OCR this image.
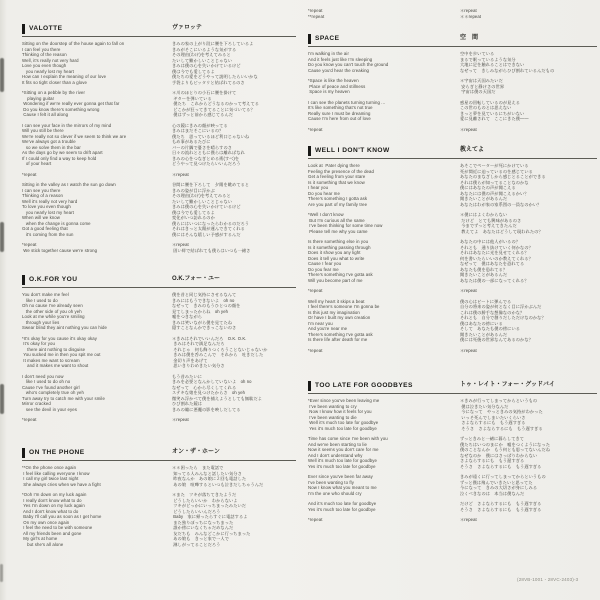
VALOTTE	ヴァロッテ
Sitting on the doorstep of the house again to fall on
I can feel you there
Thinking of the reason
Well, it's really not very hard
Love you even though
you nearly lost my heart
How can I explain the meaning of our love
It fits so tight closer than a glove
*Sitting on a pebble by the river
playing guitar
Wondering if we're really ever gonna get that far
Do you know there's something wrong
Cause I felt it all along
I can see your face in the mirrors of my mind
Will you still be there
We're really not so clever if we seem to think we are
We've always got a trouble
so we solve them in the bar
As the days go by we seem to drift apart
If I could only find a way to keep hold
of your heart
*repeat
Sitting in the valley as I watch the sun go down
I can see you there
Thinking of a reason
Well it's really not very hard
To love you even though
you nearly lost my heart
When will we know
when the change is gonna come
Got a good feeling that
it's coming from the sun
*repeat
We stick together cause we're strong
きみの家の上がり段に腰を下ろしているよ
きみがそこにいるような気がする
その理由(わけ)を考えてみると
たいして難かしいことじゃない
きみは僕の心を失いかけているけど
僕は今でも愛してるよ
僕たちの愛をどうやって説明したらいいかな
手袋よりもピッタリと結ばれてるのさ
＊川のほとりの小石に腰を掛けて
ギターを弾いている
僕たち　これからどうなるのかって考えてる
どこかが狂ってきてることに気づいてる？
僕はずっと前から感じてるんだ
心の鏡にきみの顔が映ってる
きみはまだそこにいるの？
僕たち　思っているほど利口じゃないね
もめ事があるたびに
バーの片隅で憂さを晴らすのさ
日々の流れとともに僕らは離ればなれ
きみの心をつなぎとめる術(すべ)を
どうやって見つけたらいいんだろう
＊repeat
谷間に腰を下ろして　夕陽を眺めてると
きみの姿が目に浮かぶ
その理由(わけ)を考えてみると
たいして難かしいことじゃない
きみは僕の心を失いかけているけど
僕は今でも愛してるよ
変化がいつ訪れるのか
僕らにはいつになったらわかるのだろう
それはきっと太陽が運んできてくれる
僕にはそんな嬉しい予感がするんだ
＊repeat
固い絆で結ばれても僕らはいつも一緒さ
O.K.FOR YOU	O.K.フォー・ユー
You don't make me feel
like I used to do
Oh no cause I've already seen
the other side of you oh yeh
Look at me while you're smiling
through your lies
Swear blind they aint nothing you can hide
*It's okay for you cause it's okay okay
It's okay for you
there aint nothing to disguise
You sucked me in then you spit me out
It makes me want to scream
and it makes me want to shout
I don't need you now
like I used to do oh no
Cause I've found another girl
who's completely true oh yeh
Turn away try to catch me with your smile
Mirror cracked
see the devil in your eyes
*repeat
僕を昔と同じ気持にさせるなんて
きみにはもうできないよ　oh no
なぜって　きみのもうひとつの顔を
見てしまったからね　oh yeh
嘘をつきながら
きみは笑いながら僕を見てたね
隠すことなんかできっこないのさ
＊きみはそれでいいんだろ　O.K. O.K.
きみはそれで満足なんだろ
それじゃ　何も飾りつくろうことないじゃないか
きみは僕を呑みこんで　それから　吐きだした
金切り声をあげて
思いきりわめきたい気分さ
もう昔みたいに
きみを必要となんかしていないよ　oh no
なぜって　心から尽くしてくれる
ステキな娘を見つけたからさ　oh yeh
微笑み浮かべて僕を捕えようとしても無駄だよ
ひび割れた鏡は
きみの瞳に悪魔の影を映しだしてる
＊repeat
ON THE PHONE	オン・ザ・ホーン
**On the phone once again
I feel like calling everyone I know
I call my girl twice last night
She always cries when we have a fight
*Ooh I'm down on my luck again
I really don't know what to do
Yes I'm down on my luck again
And I don't know what to do
Baby I'll call you as soon as I get home
On my own once again
I feel the need to be with someone
All my friends been and gone
My girl's at home
but she's all alone
＊＊困ったら　また電話で
知ってる人みんなと話したい気分さ
昨夜なんか　あの娘に２回も電話した
あの娘　喧嘩するといつも泣きだしちゃうんだ
＊また　ツキが落ちてきたようだ
どうしたらいいか　わからないよ
ツキがどっかにいっちまったみたいだ
どうしたらいいんだろう
Baby　家に帰ったらすぐに電話するよ
また独りぼっちになっちまった
誰か傍にいなくちゃだめなんだ
友だちも　みんなどこかに行っちまった
あの娘も　きっと家で一人で
淋しがってることだろう
*repeat
**repeat
＊repeat
＊＊repeat
SPACE	空　間
I'm walking in the air
And it feels just like I'm sleeping
Do you know you can't touch the ground
Cause you'd hear the creaking
*Space is like the heaven
Place of peace and stillness
Space is my heaven
I can see the planets turning turning ...
It's like something that's not true
Really sure I must be dreaming
Cause I'm here from out of love
*repeat
空中を歩いている
まるで眠っているような気分
大地に足を触れることはできない
なぜって　きしみながらひび割れているんだもの
＊宇宙は天国みたいだ
安らぎと静けさの世界
宇宙は僕の天国だ
惑星の回転しているのが見える
この世のものとは思えない
きっと夢を見ているにちがいない
愛に見離されて　ここにきた僕――
＊repeat
WELL I DON'T KNOW	教えてよ
Look at  Pater dying there
Feeling the presence of the dead
Get a feeling from your stare
Is it something that we know
I hear you
Do you hear me
There's something I gotta ask
Are you part of my family tree
*Well I don't know
But I'm curious all the same
I've been thinking for some time now
Please tell me why you came
Is there something else in you
Is it something passing through
Does it show you any light
Does it tell you what to write
Cause I fear you
Do you fear me
There's something I've gotta ask
Will you become part of me
*repeat
Well my heart it skips a beat
I feel there's someone I'm gonna be
Is this just my imagination
Or have I built my own creation
I'm near you
And you're near me
There's something I've gotta ask
Is there life after death for me
*repeat
あそこでペーターが死にかけている
死が間近に迫っているのを感じている
あなたのまなざしから感じとることができる
それは僕らが知ってることなのかな
僕にはあなたの声が聞こえる
あなたには僕の声が聞こえるかい？
聞きたいことがあるんだ
あなたはわが家の家系図の一員なのかい？
＊僕にはよくわからない
だけど　とても興味があるのさ
今までずっと考えてきたんだ
教えてよ　あなたはどうして現われたの？
あなたの中には他人がいるの？
それとも　通り抜けていく何かなの？
それはあなたに光を見せてくれる？
何を書いたらいいのか教えてくれる？
なぜって　僕はあなたを恐れてる
あなたも僕を恐れてる？
聞きたいことがあるんだ
あなたは僕の一部になってくれる？
＊repeat
僕の心はビートに弾んでる
自分の将来の姿が何となく目に浮かぶんだ
これは僕の勝手な想像なのかな？
それとも　自分で創りだしただけなのかな？
僕はあなたの傍にいる
そして　あなたも僕の傍にいる
聞きたいことがあるんだ
僕には死後の世界なんてあるのかな？
＊repeat
TOO LATE FOR GOODBYES	トゥ・レイト・フォー・グッドバイ
*Ever since you've been leaving me
I've been wanting to cry
Now I know how it feels for you
I've been wanting to die
Well it's much too late for goodbye
Yes it's much too late for goodbye
Time has come since I've been with you
And we've been starting to lie
Now it seems you don't care for me
And I don't understand why
Well it's much too late for goodbye
Yes it's much too late for goodbye
Ever since you've been far away
I've been wanting to fly
Now I know what you meant to me
I'm the one who should cry
And it's much too late for goodbye
Yes it's much too late for goodbye
*repeat
＊きみが行ってしまってからというもの
僕は泣きたい気分なんだ
今になって　やっときみの気持がわかった
いっそ死んでしまいたいくらいさ
さよならするにも　もう遅すぎる
そうさ　さよならするにも　もう遅すぎる
ずっときみと一緒に暮らしてきて
僕たちはいつのまにか　嘘をつくようになった
僕のことなんか　もう何とも思ってないんだね
なぜなのか　僕にはさっぱりわからない
さよならするにも　もう遅すぎる
そうさ　さよならするにも　もう遅すぎる
きみが遠くに行ってしまってからというもの
ずっと僕は飛んでいきたいと思ってた
今になって　きみの大切さが身にしみる
泣くべきなのは　本当は僕なんだ
だけど　さよならするにも　もう遅すぎる
そうさ　さよならするにも　もう遅すぎる
＊repeat
(28VB-1001・28VC-2403)-3
